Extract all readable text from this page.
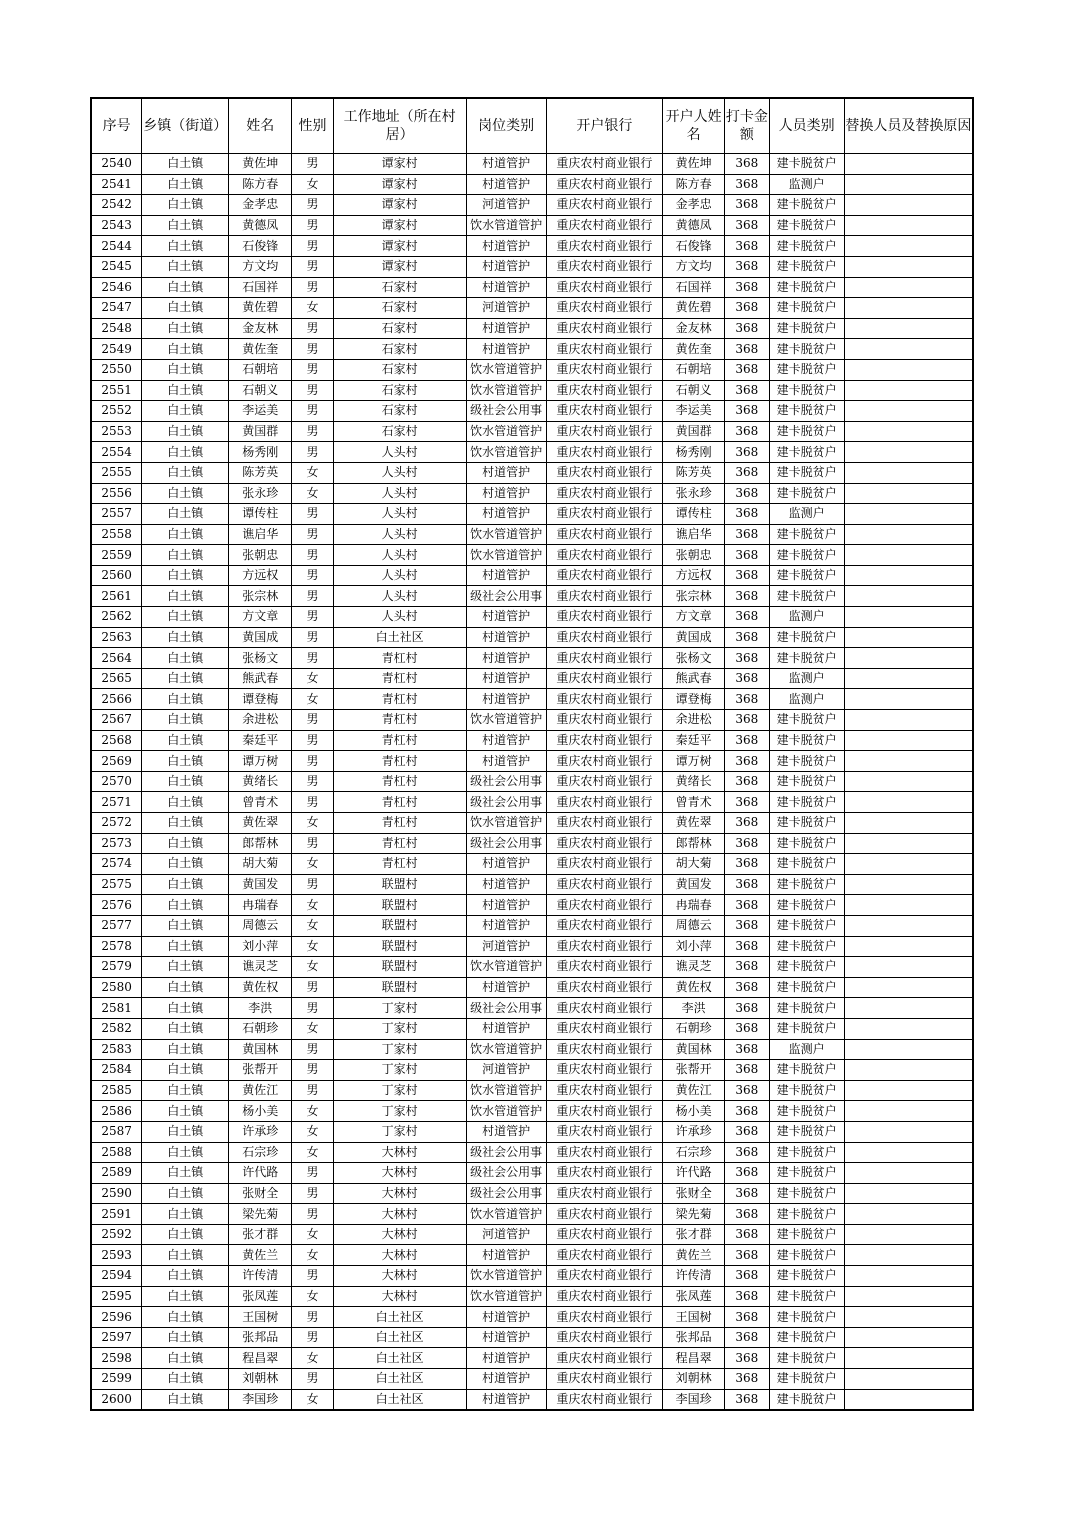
序号	乡镇（街道）	姓名	性别	工作地址（所在村居）	岗位类别	开户银行	开户人姓名	打卡金额	人员类别	替换人员及替换原因
2540	白土镇	黄佐坤	男	谭家村	村道管护	重庆农村商业银行	黄佐坤	368	建卡脱贫户	
2541	白土镇	陈方春	女	谭家村	村道管护	重庆农村商业银行	陈方春	368	监测户	
2542	白土镇	金孝忠	男	谭家村	河道管护	重庆农村商业银行	金孝忠	368	建卡脱贫户	
2543	白土镇	黄德凤	男	谭家村	饮水管道管护	重庆农村商业银行	黄德凤	368	建卡脱贫户	
2544	白土镇	石俊锋	男	谭家村	村道管护	重庆农村商业银行	石俊锋	368	建卡脱贫户	
2545	白土镇	方文均	男	谭家村	村道管护	重庆农村商业银行	方文均	368	建卡脱贫户	
2546	白土镇	石国祥	男	石家村	村道管护	重庆农村商业银行	石国祥	368	建卡脱贫户	
2547	白土镇	黄佐碧	女	石家村	河道管护	重庆农村商业银行	黄佐碧	368	建卡脱贫户	
2548	白土镇	金友林	男	石家村	村道管护	重庆农村商业银行	金友林	368	建卡脱贫户	
2549	白土镇	黄佐奎	男	石家村	村道管护	重庆农村商业银行	黄佐奎	368	建卡脱贫户	
2550	白土镇	石朝培	男	石家村	饮水管道管护	重庆农村商业银行	石朝培	368	建卡脱贫户	
2551	白土镇	石朝义	男	石家村	饮水管道管护	重庆农村商业银行	石朝义	368	建卡脱贫户	
2552	白土镇	李运美	男	石家村	级社会公用事	重庆农村商业银行	李运美	368	建卡脱贫户	
2553	白土镇	黄国群	男	石家村	饮水管道管护	重庆农村商业银行	黄国群	368	建卡脱贫户	
2554	白土镇	杨秀刚	男	人头村	饮水管道管护	重庆农村商业银行	杨秀刚	368	建卡脱贫户	
2555	白土镇	陈芳英	女	人头村	村道管护	重庆农村商业银行	陈芳英	368	建卡脱贫户	
2556	白土镇	张永珍	女	人头村	村道管护	重庆农村商业银行	张永珍	368	建卡脱贫户	
2557	白土镇	谭传柱	男	人头村	村道管护	重庆农村商业银行	谭传柱	368	监测户	
2558	白土镇	谯启华	男	人头村	饮水管道管护	重庆农村商业银行	谯启华	368	建卡脱贫户	
2559	白土镇	张朝忠	男	人头村	饮水管道管护	重庆农村商业银行	张朝忠	368	建卡脱贫户	
2560	白土镇	方远权	男	人头村	村道管护	重庆农村商业银行	方远权	368	建卡脱贫户	
2561	白土镇	张宗林	男	人头村	级社会公用事	重庆农村商业银行	张宗林	368	建卡脱贫户	
2562	白土镇	方文章	男	人头村	村道管护	重庆农村商业银行	方文章	368	监测户	
2563	白土镇	黄国成	男	白土社区	村道管护	重庆农村商业银行	黄国成	368	建卡脱贫户	
2564	白土镇	张杨文	男	青杠村	村道管护	重庆农村商业银行	张杨文	368	建卡脱贫户	
2565	白土镇	熊武春	女	青杠村	村道管护	重庆农村商业银行	熊武春	368	监测户	
2566	白土镇	谭登梅	女	青杠村	村道管护	重庆农村商业银行	谭登梅	368	监测户	
2567	白土镇	余进松	男	青杠村	饮水管道管护	重庆农村商业银行	余进松	368	建卡脱贫户	
2568	白土镇	秦廷平	男	青杠村	村道管护	重庆农村商业银行	秦廷平	368	建卡脱贫户	
2569	白土镇	谭万树	男	青杠村	村道管护	重庆农村商业银行	谭万树	368	建卡脱贫户	
2570	白土镇	黄绪长	男	青杠村	级社会公用事	重庆农村商业银行	黄绪长	368	建卡脱贫户	
2571	白土镇	曾青术	男	青杠村	级社会公用事	重庆农村商业银行	曾青术	368	建卡脱贫户	
2572	白土镇	黄佐翠	女	青杠村	饮水管道管护	重庆农村商业银行	黄佐翠	368	建卡脱贫户	
2573	白土镇	郎帮林	男	青杠村	级社会公用事	重庆农村商业银行	郎帮林	368	建卡脱贫户	
2574	白土镇	胡大菊	女	青杠村	村道管护	重庆农村商业银行	胡大菊	368	建卡脱贫户	
2575	白土镇	黄国发	男	联盟村	村道管护	重庆农村商业银行	黄国发	368	建卡脱贫户	
2576	白土镇	冉瑞春	女	联盟村	村道管护	重庆农村商业银行	冉瑞春	368	建卡脱贫户	
2577	白土镇	周德云	女	联盟村	村道管护	重庆农村商业银行	周德云	368	建卡脱贫户	
2578	白土镇	刘小萍	女	联盟村	河道管护	重庆农村商业银行	刘小萍	368	建卡脱贫户	
2579	白土镇	谯灵芝	女	联盟村	饮水管道管护	重庆农村商业银行	谯灵芝	368	建卡脱贫户	
2580	白土镇	黄佐权	男	联盟村	村道管护	重庆农村商业银行	黄佐权	368	建卡脱贫户	
2581	白土镇	李洪	男	丁家村	级社会公用事	重庆农村商业银行	李洪	368	建卡脱贫户	
2582	白土镇	石朝珍	女	丁家村	村道管护	重庆农村商业银行	石朝珍	368	建卡脱贫户	
2583	白土镇	黄国林	男	丁家村	饮水管道管护	重庆农村商业银行	黄国林	368	监测户	
2584	白土镇	张帮开	男	丁家村	河道管护	重庆农村商业银行	张帮开	368	建卡脱贫户	
2585	白土镇	黄佐江	男	丁家村	饮水管道管护	重庆农村商业银行	黄佐江	368	建卡脱贫户	
2586	白土镇	杨小美	女	丁家村	饮水管道管护	重庆农村商业银行	杨小美	368	建卡脱贫户	
2587	白土镇	许承珍	女	丁家村	村道管护	重庆农村商业银行	许承珍	368	建卡脱贫户	
2588	白土镇	石宗珍	女	大林村	级社会公用事	重庆农村商业银行	石宗珍	368	建卡脱贫户	
2589	白土镇	许代路	男	大林村	级社会公用事	重庆农村商业银行	许代路	368	建卡脱贫户	
2590	白土镇	张财全	男	大林村	级社会公用事	重庆农村商业银行	张财全	368	建卡脱贫户	
2591	白土镇	梁先菊	男	大林村	饮水管道管护	重庆农村商业银行	梁先菊	368	建卡脱贫户	
2592	白土镇	张才群	女	大林村	河道管护	重庆农村商业银行	张才群	368	建卡脱贫户	
2593	白土镇	黄佐兰	女	大林村	村道管护	重庆农村商业银行	黄佐兰	368	建卡脱贫户	
2594	白土镇	许传清	男	大林村	饮水管道管护	重庆农村商业银行	许传清	368	建卡脱贫户	
2595	白土镇	张凤莲	女	大林村	饮水管道管护	重庆农村商业银行	张凤莲	368	建卡脱贫户	
2596	白土镇	王国树	男	白土社区	村道管护	重庆农村商业银行	王国树	368	建卡脱贫户	
2597	白土镇	张邦品	男	白土社区	村道管护	重庆农村商业银行	张邦品	368	建卡脱贫户	
2598	白土镇	程昌翠	女	白土社区	村道管护	重庆农村商业银行	程昌翠	368	建卡脱贫户	
2599	白土镇	刘朝林	男	白土社区	村道管护	重庆农村商业银行	刘朝林	368	建卡脱贫户	
2600	白土镇	李国珍	女	白土社区	村道管护	重庆农村商业银行	李国珍	368	建卡脱贫户	
